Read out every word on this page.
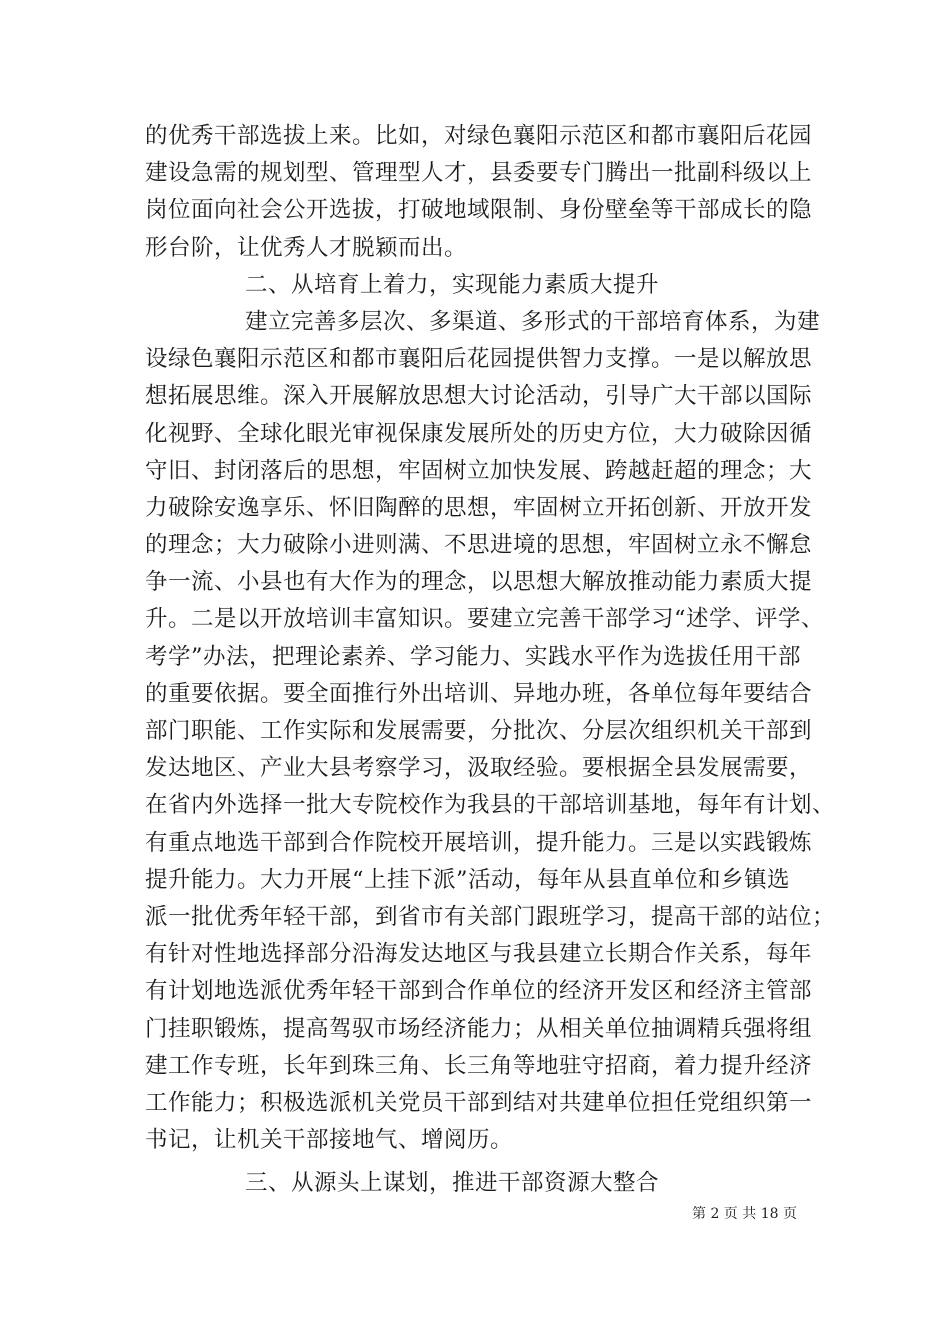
的优秀干部选拔上来。比如，对绿色襄阳示范区和都市襄阳后花园
建设急需的规划型、管理型人才，县委要专门腾出一批副科级以上
岗位面向社会公开选拔，打破地域限制、身份壁垒等干部成长的隐
形台阶，让优秀人才脱颖而出。
二、从培育上着力，实现能力素质大提升
建立完善多层次、多渠道、多形式的干部培育体系，为建
设绿色襄阳示范区和都市襄阳后花园提供智力支撑。一是以解放思
想拓展思维。深入开展解放思想大讨论活动，引导广大干部以国际
化视野、全球化眼光审视保康发展所处的历史方位，大力破除因循
守旧、封闭落后的思想，牢固树立加快发展、跨越赶超的理念；大
力破除安逸享乐、怀旧陶醉的思想，牢固树立开拓创新、开放开发
的理念；大力破除小进则满、不思进境的思想，牢固树立永不懈怠
争一流、小县也有大作为的理念，以思想大解放推动能力素质大提
升。二是以开放培训丰富知识。要建立完善干部学习“述学、评学、
考学”办法，把理论素养、学习能力、实践水平作为选拔任用干部
的重要依据。要全面推行外出培训、异地办班，各单位每年要结合
部门职能、工作实际和发展需要，分批次、分层次组织机关干部到
发达地区、产业大县考察学习，汲取经验。要根据全县发展需要，
在省内外选择一批大专院校作为我县的干部培训基地，每年有计划、
有重点地选干部到合作院校开展培训，提升能力。三是以实践锻炼
提升能力。大力开展“上挂下派”活动，每年从县直单位和乡镇选
派一批优秀年轻干部，到省市有关部门跟班学习，提高干部的站位；
有针对性地选择部分沿海发达地区与我县建立长期合作关系，每年
有计划地选派优秀年轻干部到合作单位的经济开发区和经济主管部
门挂职锻炼，提高驾驭市场经济能力；从相关单位抽调精兵强将组
建工作专班，长年到珠三角、长三角等地驻守招商，着力提升经济
工作能力；积极选派机关党员干部到结对共建单位担任党组织第一
书记，让机关干部接地气、增阅历。
三、从源头上谋划，推进干部资源大整合
第 2 页 共 18 页
